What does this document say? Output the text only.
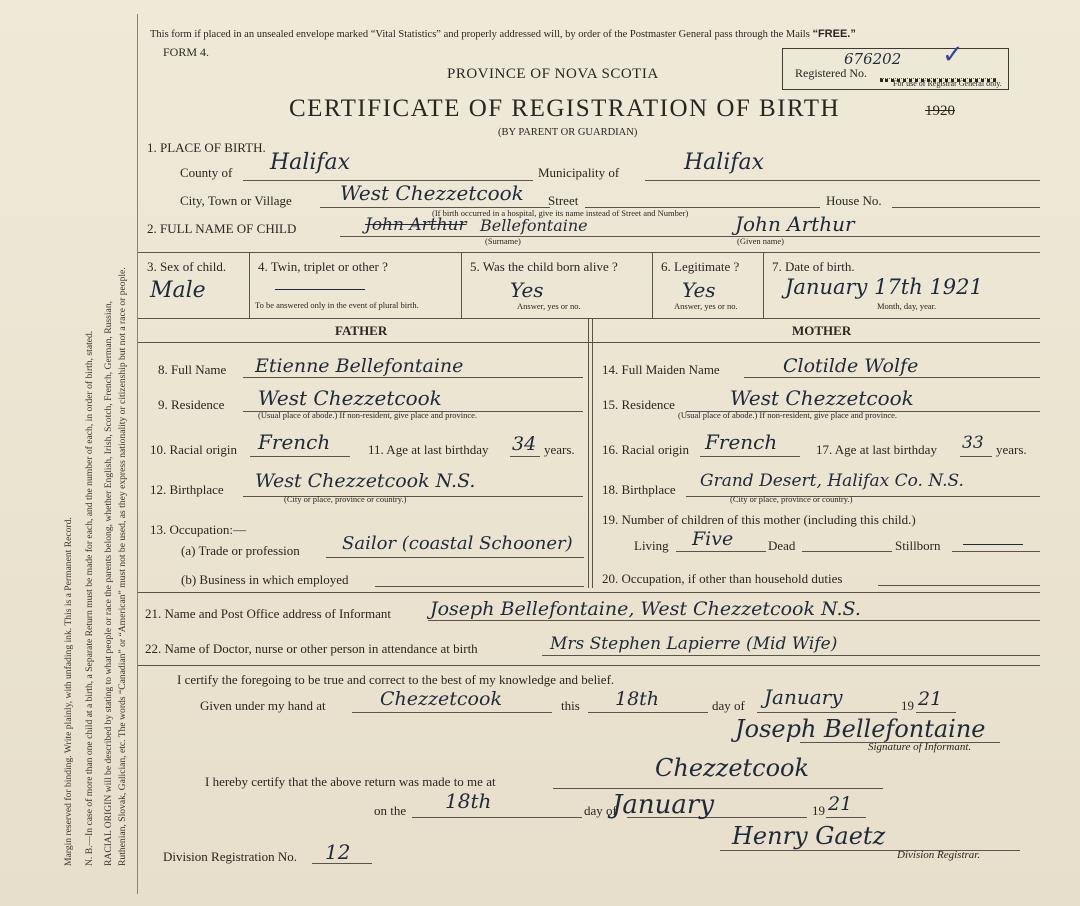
Margin reserved for binding. Write plainly, with unfading ink. This is a Permanent Record. N. B.—In case of more than one child at a birth, a Separate Return must be made for each, and the number of each, in order of birth, stated. RACIAL ORIGIN will be described by stating to what people or race the parents belong, whether English, Irish, Scotch, French, German, Russian, Ruthenian, Slovak, Galician, etc. The words “Canadian” or “American” must not be used, as they express nationality or citizenship but not a race or people.
This form if placed in an unsealed envelope marked “Vital Statistics” and properly addressed will, by order of the Postmaster General pass through the Mails “FREE.”
FORM 4.	676202 ✓
Registered No.
For use of Registrar General only.
PROVINCE OF NOVA SCOTIA
CERTIFICATE OF REGISTRATION OF BIRTH	1920
(BY PARENT OR GUARDIAN)
1. PLACE OF BIRTH.
County of Halifax	Municipality of	Halifax
City, Town or Village West Chezzetcook Street	House No.
(If birth occurred in a hospital, give its name instead of Street and Number)
2. FULL NAME OF CHILD	John Arthur Bellefontaine
(Surname)
John Arthur
(Given name)
3. Sex of child.
Male
4. Twin, triplet or other ?
To be answered only in the event of plural birth.
5. Was the child born alive ?
Yes
Answer, yes or no.
6. Legitimate ?
Yes
Answer, yes or no.
7. Date of birth.
January 17th 1921
Month, day, year.
FATHER	MOTHER
8. Full Name Etienne Bellefontaine
9. Residence West Chezzetcook
(Usual place of abode.) If non-resident, give place and province.
10. Racial origin French	11. Age at last birthday 34 years.
12. Birthplace West Chezzetcook N.S.
(City or place, province or country.)
13. Occupation:—
(a) Trade or profession Sailor (coastal Schooner)
(b) Business in which employed
14. Full Maiden Name	Clotilde Wolfe
15. Residence	West Chezzetcook
(Usual place of abode.) If non-resident, give place and province.
16. Racial origin French	17. Age at last birthday 33 years.
18. Birthplace Grand Desert, Halifax Co. N.S.
(City or place, province or country.)
19. Number of children of this mother (including this child.)
Living Five	Dead	Stillborn
20. Occupation, if other than household duties
21. Name and Post Office address of Informant Joseph Bellefontaine, West Chezzetcook N.S.
22. Name of Doctor, nurse or other person in attendance at birth	Mrs Stephen Lapierre (Mid Wife)
I certify the foregoing to be true and correct to the best of my knowledge and belief.
Given under my hand at	Chezzetcook	this 18th	day of January	19 21
Joseph Bellefontaine
Signature of Informant.
I hereby certify that the above return was made to me at	Chezzetcook
on the 18th	day of
January	19 21
Henry Gaetz
Division Registrar.
Division Registration No. 12
